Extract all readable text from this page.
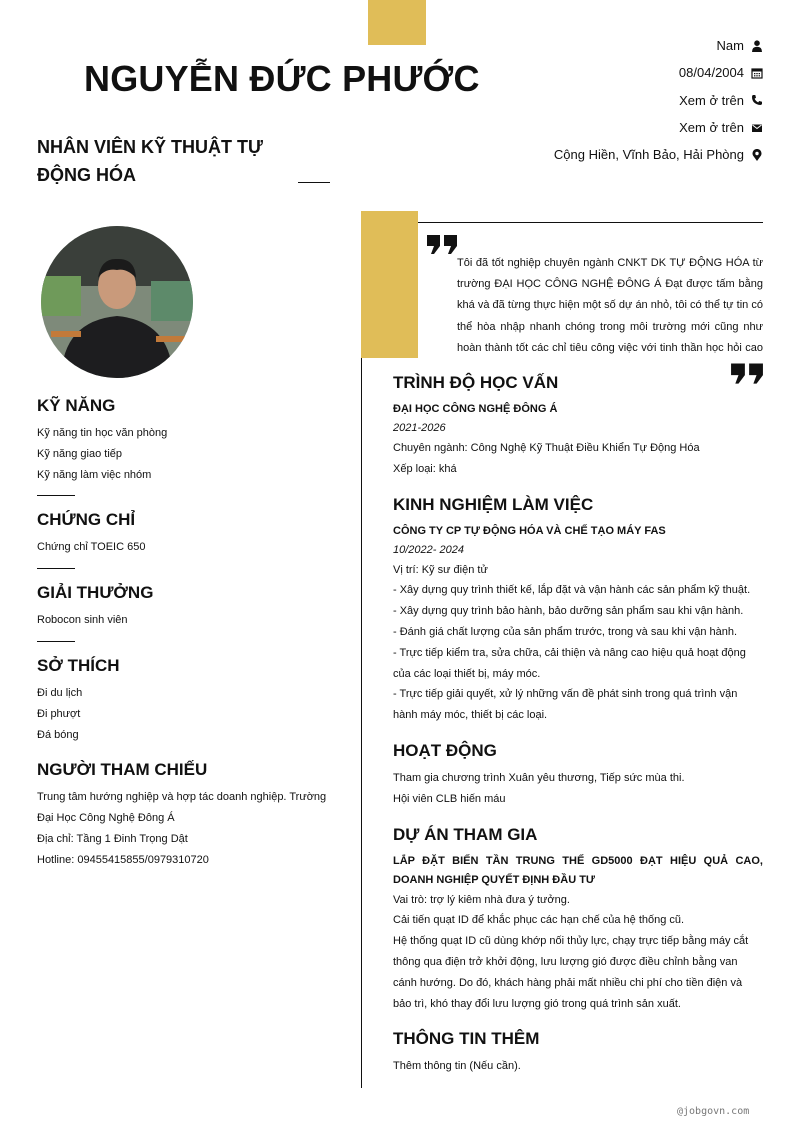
NGUYỄN ĐỨC PHƯỚC
NHÂN VIÊN KỸ THUẬT TỰ ĐỘNG HÓA
Nam
08/04/2004
Xem ở trên
Xem ở trên
Cộng Hiền, Vĩnh Bảo, Hải Phòng
KỸ NĂNG
Kỹ năng tin học văn phòng
Kỹ năng giao tiếp
Kỹ năng làm việc nhóm
CHỨNG CHỈ
Chứng chỉ TOEIC 650
GIẢI THƯỞNG
Robocon sinh viên
SỞ THÍCH
Đi du lịch
Đi phượt
Đá bóng
NGƯỜI THAM CHIẾU
Trung tâm hướng nghiệp và hợp tác doanh nghiệp. Trường Đại Học Công Nghệ Đông Á
Địa chỉ: Tầng 1 Đinh Trọng Dật
Hotline: 09455415855/0979310720
Tôi đã tốt nghiệp chuyên ngành CNKT DK TỰ ĐỘNG HÓA từ trường ĐẠI HỌC CÔNG NGHỆ ĐÔNG Á Đạt được tấm bằng khá và đã từng thực hiện một số dự án nhỏ, tôi có thể tự tin có thể hòa nhập nhanh chóng trong môi trường mới cũng như hoàn thành tốt các chỉ tiêu công việc với tinh thần học hỏi cao
TRÌNH ĐỘ HỌC VẤN
ĐẠI HỌC CÔNG NGHỆ ĐÔNG Á
2021-2026
Chuyên ngành: Công Nghệ Kỹ Thuật Điều Khiển Tự Động Hóa
Xếp loại: khá
KINH NGHIỆM LÀM VIỆC
CÔNG TY CP TỰ ĐỘNG HÓA VÀ CHẾ TẠO MÁY FAS
10/2022- 2024
Vị trí: Kỹ sư điện tử
- Xây dựng quy trình thiết kế, lắp đặt và vận hành các sản phẩm kỹ thuật.
- Xây dựng quy trình bảo hành, bảo dưỡng sản phẩm sau khi vận hành.
- Đánh giá chất lượng của sản phẩm trước, trong và sau khi vận hành.
- Trực tiếp kiểm tra, sửa chữa, cải thiện và nâng cao hiệu quả hoạt động của các loại thiết bị, máy móc.
- Trực tiếp giải quyết, xử lý những vấn đề phát sinh trong quá trình vận hành máy móc, thiết bị các loại.
HOẠT ĐỘNG
Tham gia chương trình Xuân yêu thương, Tiếp sức mùa thi.
Hội viên CLB hiến máu
DỰ ÁN THAM GIA
LẮP ĐẶT BIẾN TẦN TRUNG THẾ GD5000 ĐẠT HIỆU QUẢ CAO, DOANH NGHIỆP QUYẾT ĐỊNH ĐẦU TƯ
Vai trò: trợ lý kiêm nhà đưa ý tưởng.
Cải tiến quạt ID để khắc phục các hạn chế của hệ thống cũ.
Hệ thống quạt ID cũ dùng khớp nối thủy lực, chạy trực tiếp bằng máy cắt thông qua điện trở khởi động, lưu lượng gió được điều chỉnh bằng van cánh hướng. Do đó, khách hàng phải mất nhiều chi phí cho tiền điện và bảo trì, khó thay đổi lưu lượng gió trong quá trình sản xuất.
THÔNG TIN THÊM
Thêm thông tin (Nếu cần).
@jobgovn.com
